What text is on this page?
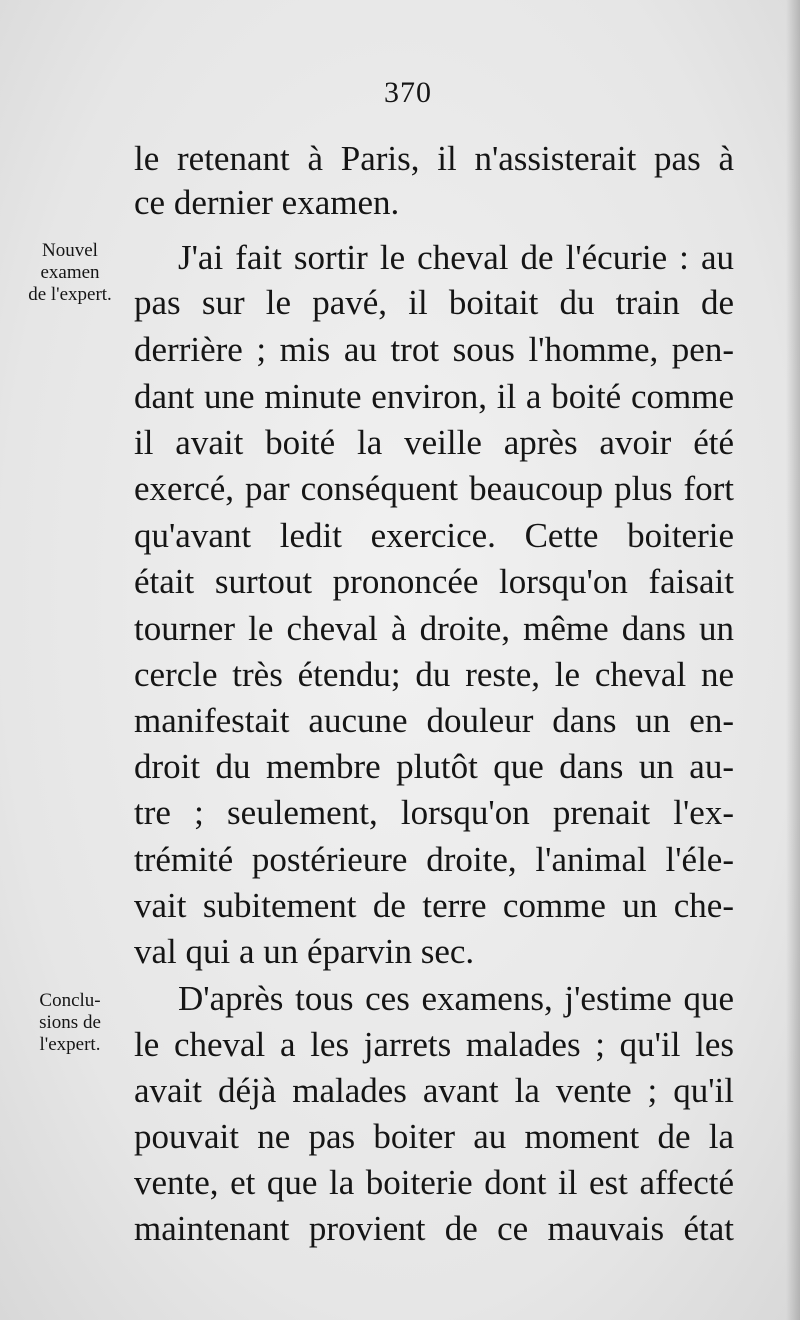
370
Nouvel
examen
de l'expert.
Conclu-
sions de
l'expert.
le retenant à Paris, il n'assisterait pas à
ce dernier examen.
J'ai fait sortir le cheval de l'écurie : au
pas sur le pavé, il boitait du train de
derrière ; mis au trot sous l'homme, pen-
dant une minute environ, il a boité comme
il avait boité la veille après avoir été
exercé, par conséquent beaucoup plus fort
qu'avant ledit exercice. Cette boiterie
était surtout prononcée lorsqu'on faisait
tourner le cheval à droite, même dans un
cercle très étendu; du reste, le cheval ne
manifestait aucune douleur dans un en-
droit du membre plutôt que dans un au-
tre ; seulement, lorsqu'on prenait l'ex-
trémité postérieure droite, l'animal l'éle-
vait subitement de terre comme un che-
val qui a un éparvin sec.
D'après tous ces examens, j'estime que
le cheval a les jarrets malades ; qu'il les
avait déjà malades avant la vente ; qu'il
pouvait ne pas boiter au moment de la
vente, et que la boiterie dont il est affecté
maintenant provient de ce mauvais état
